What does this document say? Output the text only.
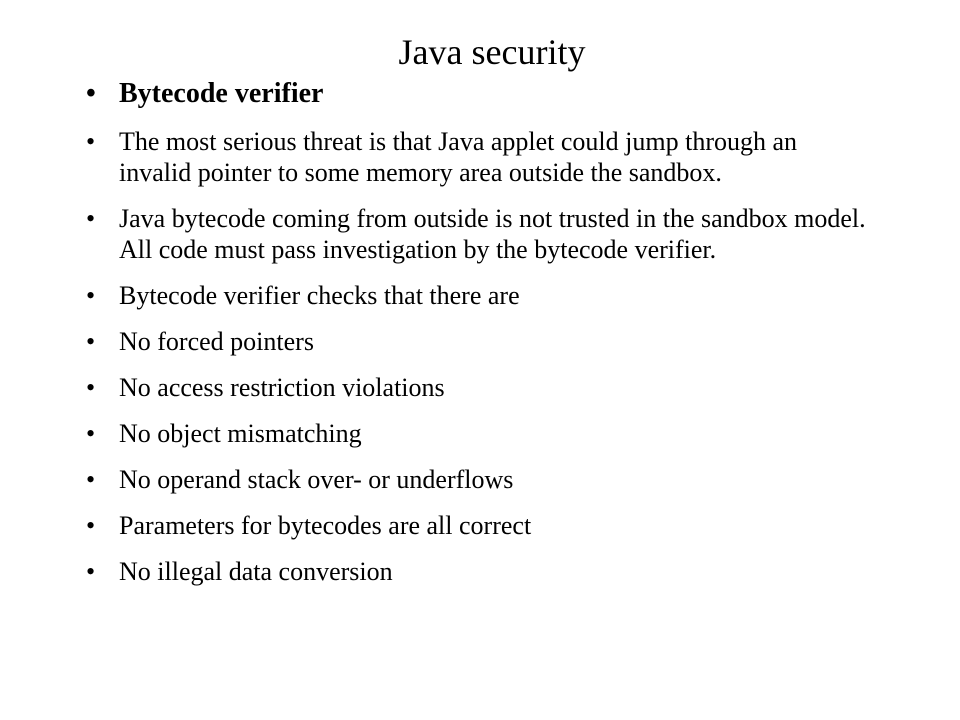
Java security
• Bytecode verifier
• The most serious threat is that Java applet could jump through an invalid pointer to some memory area outside the sandbox.
• Java bytecode coming from outside is not trusted in the sandbox model. All code must pass investigation by the bytecode verifier.
• Bytecode verifier checks that there are
• No forced pointers
• No access restriction violations
• No object mismatching
• No operand stack over- or underflows
• Parameters for bytecodes are all correct
• No illegal data conversion
